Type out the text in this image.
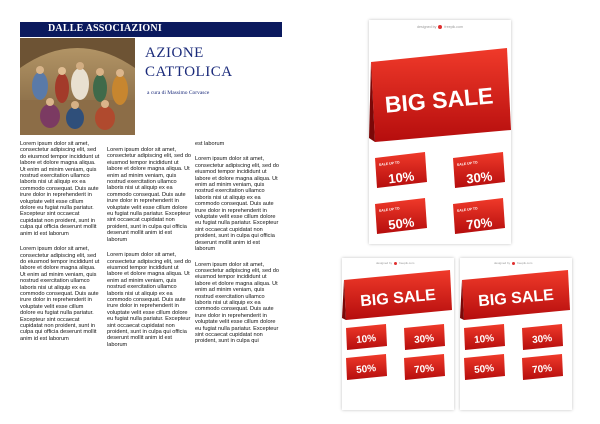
DALLE ASSOCIAZIONI
AZIONE
CATTOLICA
a cura di Massimo Corvasce

Lorem ipsum dolor sit amet, consectetur adipiscing elit, sed do eiusmod tempor incididunt ut labore et dolore magna aliqua. Ut enim ad minim veniam, quis nostrud exercitation ullamco laboris nisi ut aliquip ex ea commodo consequat. Duis aute irure dolor in reprehenderit in voluptate velit esse cillum dolore eu fugiat nulla pariatur. Excepteur sint occaecat cupidatat non proident, sunt in culpa qui officia deserunt mollit anim id est laborum

Lorem ipsum dolor sit amet, consectetur adipiscing elit, sed do eiusmod tempor incididunt ut labore et dolore magna aliqua. Ut enim ad minim veniam, quis nostrud exercitation ullamco laboris nisi ut aliquip ex ea commodo consequat. Duis aute irure dolor in reprehenderit in voluptate velit esse cillum dolore eu fugiat nulla pariatur. Excepteur sint occaecat cupidatat non proident, sunt in culpa qui officia deserunt mollit anim id est laborum

Lorem ipsum dolor sit amet, consectetur adipiscing elit, sed do eiusmod tempor incididunt ut labore et dolore magna aliqua. Ut enim ad minim veniam, quis nostrud exercitation ullamco laboris nisi ut aliquip ex ea commodo consequat. Duis aute irure dolor in reprehenderit in voluptate velit esse cillum dolore eu fugiat nulla pariatur. Excepteur sint occaecat cupidatat non proident, sunt in culpa qui officia deserunt mollit anim id est laborum

Lorem ipsum dolor sit amet, consectetur adipiscing elit, sed do eiusmod tempor incididunt ut labore et dolore magna aliqua. Ut enim ad minim veniam, quis nostrud exercitation ullamco laboris nisi ut aliquip ex ea commodo consequat. Duis aute irure dolor in reprehenderit in voluptate velit esse cillum dolore eu fugiat nulla pariatur. Excepteur sint occaecat cupidatat non proident, sunt in culpa qui officia deserunt mollit anim id est laborum

est laborum

Lorem ipsum dolor sit amet, consectetur adipiscing elit, sed do eiusmod tempor incididunt ut labore et dolore magna aliqua. Ut enim ad minim veniam, quis nostrud exercitation ullamco laboris nisi ut aliquip ex ea commodo consequat. Duis aute irure dolor in reprehenderit in voluptate velit esse cillum dolore eu fugiat nulla pariatur. Excepteur sint occaecat cupidatat non proident, sunt in culpa qui officia deserunt mollit anim id est laborum

Lorem ipsum dolor sit amet, consectetur adipiscing elit, sed do eiusmod tempor incididunt ut labore et dolore magna aliqua. Ut enim ad minim veniam, quis nostrud exercitation ullamco laboris nisi ut aliquip ex ea commodo consequat. Duis aute irure dolor in reprehenderit in voluptate velit esse cillum dolore eu fugiat nulla pariatur. Excepteur sint occaecat cupidatat non proident, sunt in culpa qui

designed by freepik.com
BIG SALE
SALE UP TO
10%
SALE UP TO
30%
SALE UP TO
50%
SALE UP TO
70%
designed by freepik.com
BIG SALE
10%	30%
50%	70%
designed by freepik.com
BIG SALE
10%	30%
50%	70%
